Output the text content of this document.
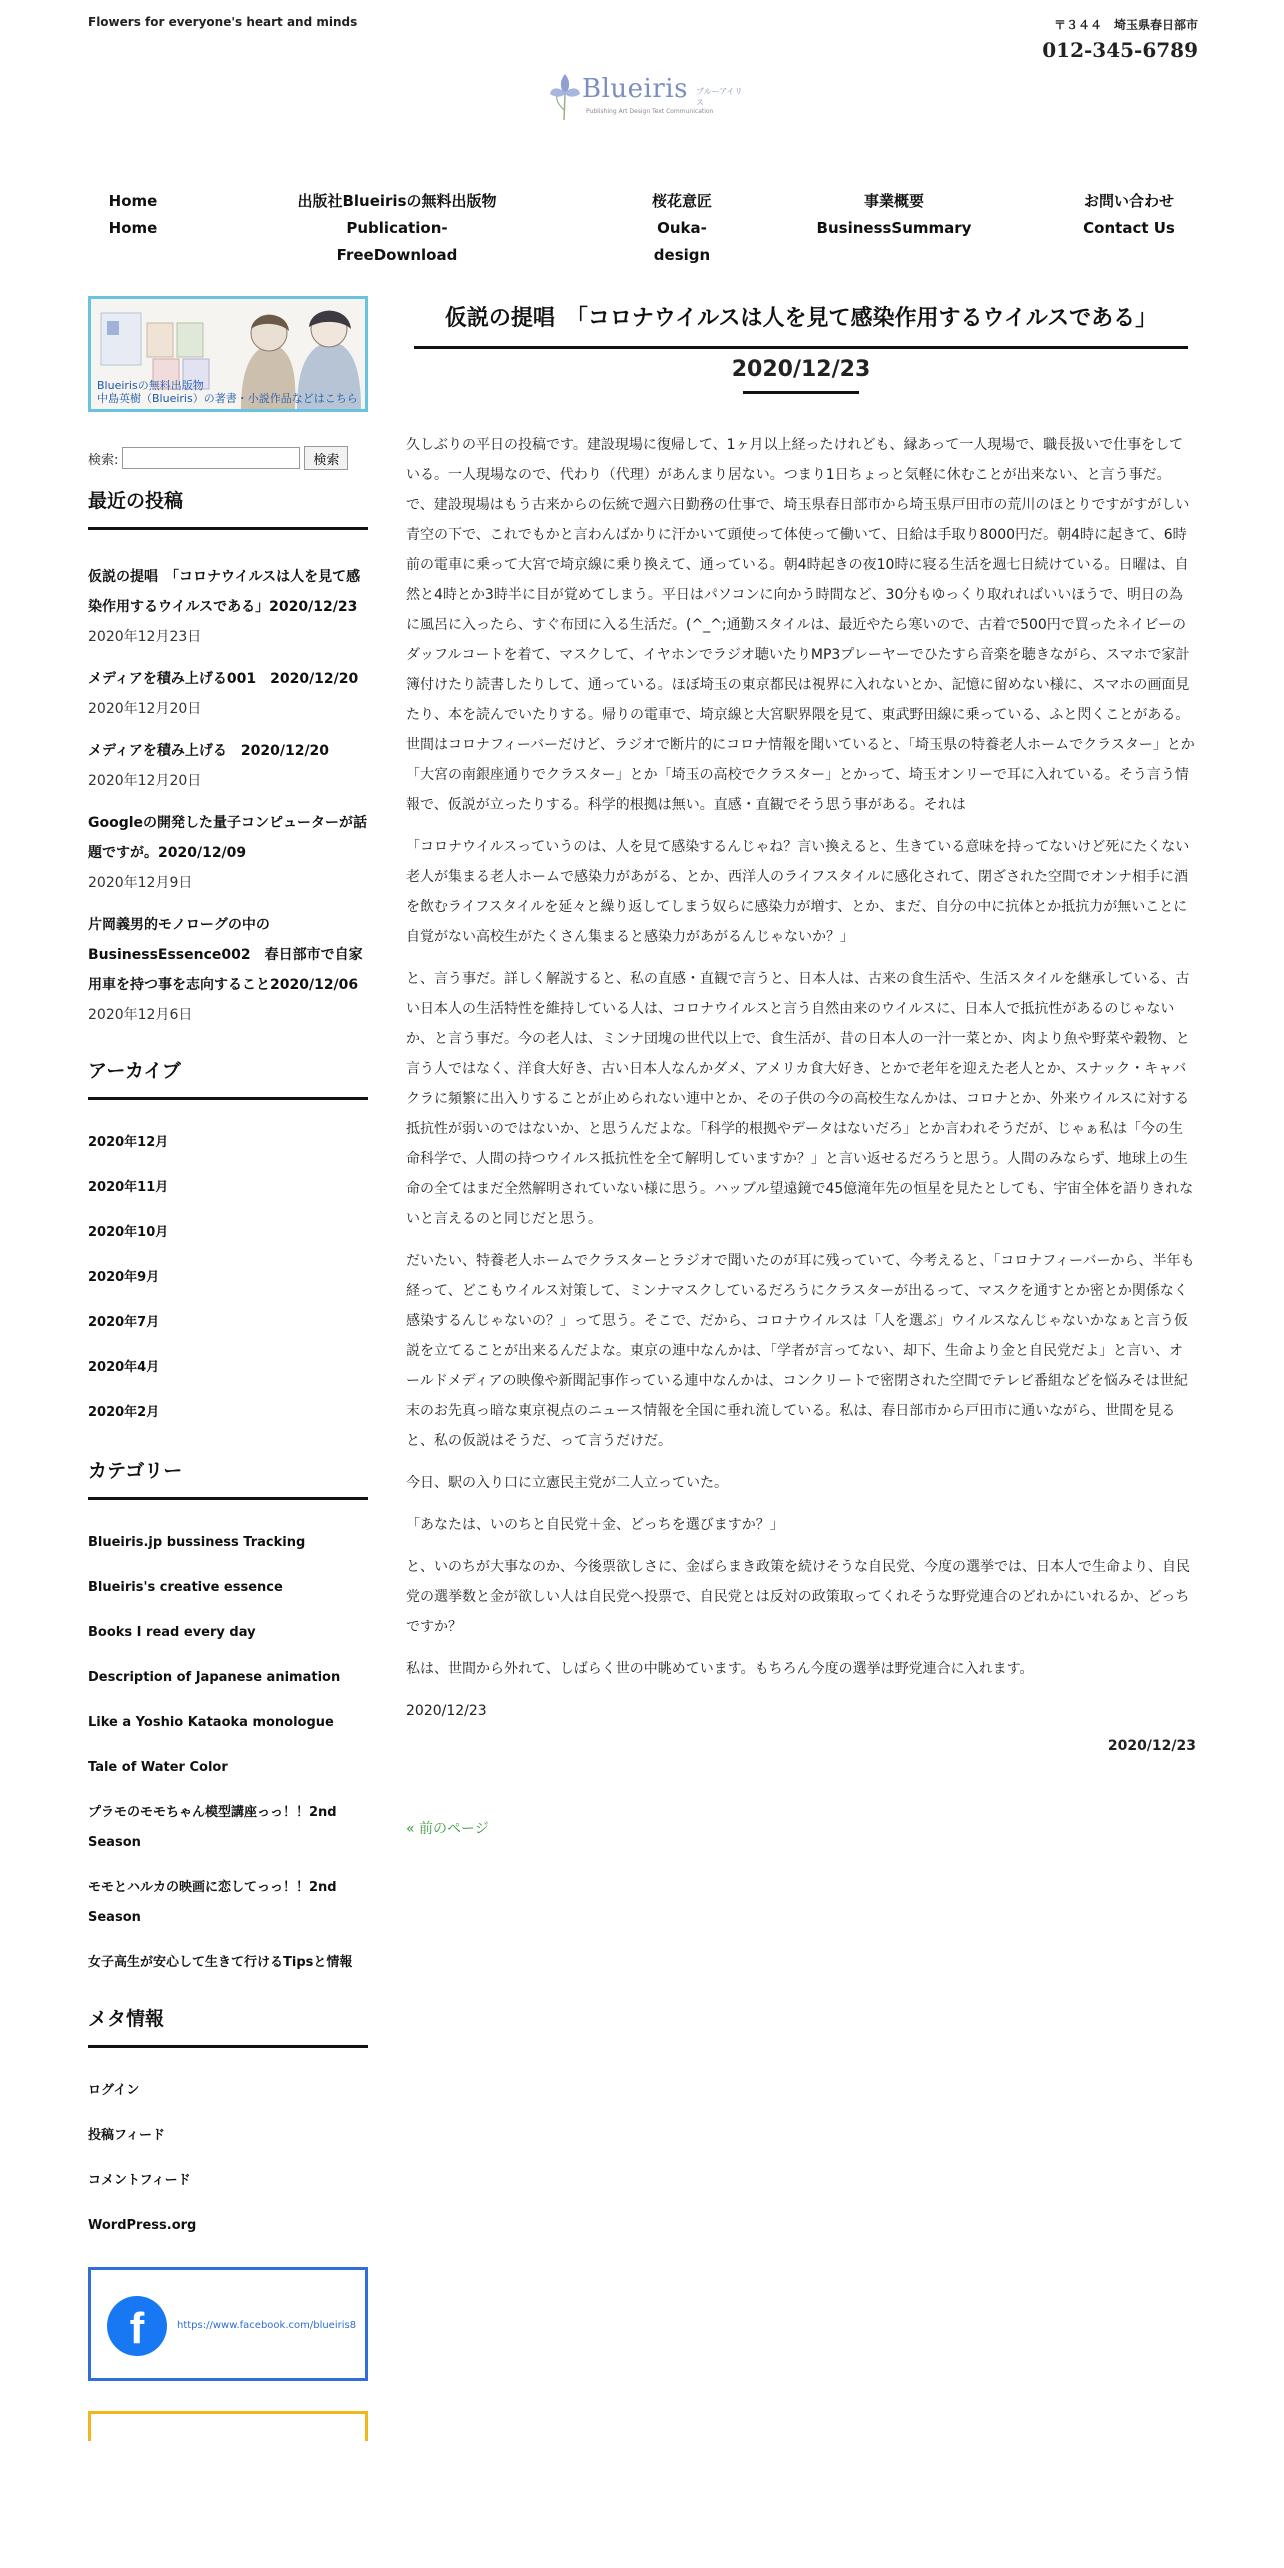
Flowers for everyone's heart and minds	〒３４４　埼玉県春日部市
012-345-6789
Blueiris ブルーアイリス
Publishing Art Design Text Communication
Home
Home
出版社Blueirisの無料出版物
Publication-FreeDownload
桜花意匠
Ouka-design
事業概要
BusinessSummary
お問い合わせ
Contact Us
Blueirisの無料出版物
中島英樹（Blueiris）の著書・小説作品などはこちら
検索:	検索
最近の投稿
仮説の提唱　「コロナウイルスは人を見て感染作用するウイルスである」2020/12/23
2020年12月23日
メディアを積み上げる001　2020/12/20
2020年12月20日
メディアを積み上げる　2020/12/20
2020年12月20日
Googleの開発した量子コンピューターが話題ですが。2020/12/09
2020年12月9日
片岡義男的モノローグの中のBusinessEssence002　春日部市で自家用車を持つ事を志向すること2020/12/06
2020年12月6日
アーカイブ
2020年12月
2020年11月
2020年10月
2020年9月
2020年7月
2020年4月
2020年2月
カテゴリー
Blueiris.jp bussiness Tracking
Blueiris's creative essence
Books I read every day
Description of Japanese animation
Like a Yoshio Kataoka monologue
Tale of Water Color
プラモのモモちゃん模型講座っっ！！2nd　Season
モモとハルカの映画に恋してっっ！！2nd Season
女子高生が安心して生きて行けるTipsと情報
メタ情報
ログイン
投稿フィード
コメントフィード
WordPress.org
f	https://www.facebook.com/blueiris8
仮説の提唱　「コロナウイルスは人を見て感染作用するウイルスである」
2020/12/23

久しぶりの平日の投稿です。建設現場に復帰して、1ヶ月以上経ったけれども、縁あって一人現場で、職長扱いで仕事をしている。一人現場なので、代わり（代理）があんまり居ない。つまり1日ちょっと気軽に休むことが出来ない、と言う事だ。で、建設現場はもう古来からの伝統で週六日勤務の仕事で、埼玉県春日部市から埼玉県戸田市の荒川のほとりですがすがしい青空の下で、これでもかと言わんばかりに汗かいて頭使って体使って働いて、日給は手取り8000円だ。朝4時に起きて、6時前の電車に乗って大宮で埼京線に乗り換えて、通っている。朝4時起きの夜10時に寝る生活を週七日続けている。日曜は、自然と4時とか3時半に目が覚めてしまう。平日はパソコンに向かう時間など、30分もゆっくり取れればいいほうで、明日の為に風呂に入ったら、すぐ布団に入る生活だ。(^_^;通勤スタイルは、最近やたら寒いので、古着で500円で買ったネイビーのダッフルコートを着て、マスクして、イヤホンでラジオ聴いたりMP3プレーヤーでひたすら音楽を聴きながら、スマホで家計簿付けたり読書したりして、通っている。ほぼ埼玉の東京都民は視界に入れないとか、記憶に留めない様に、スマホの画面見たり、本を読んでいたりする。帰りの電車で、埼京線と大宮駅界隈を見て、東武野田線に乗っている、ふと閃くことがある。世間はコロナフィーバーだけど、ラジオで断片的にコロナ情報を聞いていると、「埼玉県の特養老人ホームでクラスター」とか「大宮の南銀座通りでクラスター」とか「埼玉の高校でクラスター」とかって、埼玉オンリーで耳に入れている。そう言う情報で、仮説が立ったりする。科学的根拠は無い。直感・直観でそう思う事がある。それは

「コロナウイルスっていうのは、人を見て感染するんじゃね？言い換えると、生きている意味を持ってないけど死にたくない老人が集まる老人ホームで感染力があがる、とか、西洋人のライフスタイルに感化されて、閉ざされた空間でオンナ相手に酒を飲むライフスタイルを延々と繰り返してしまう奴らに感染力が増す、とか、まだ、自分の中に抗体とか抵抗力が無いことに自覚がない高校生がたくさん集まると感染力があがるんじゃないか？」

と、言う事だ。詳しく解説すると、私の直感・直観で言うと、日本人は、古来の食生活や、生活スタイルを継承している、古い日本人の生活特性を維持している人は、コロナウイルスと言う自然由来のウイルスに、日本人で抵抗性があるのじゃないか、と言う事だ。今の老人は、ミンナ団塊の世代以上で、食生活が、昔の日本人の一汁一菜とか、肉より魚や野菜や穀物、と言う人ではなく、洋食大好き、古い日本人なんかダメ、アメリカ食大好き、とかで老年を迎えた老人とか、スナック・キャバクラに頻繁に出入りすることが止められない連中とか、その子供の今の高校生なんかは、コロナとか、外来ウイルスに対する抵抗性が弱いのではないか、と思うんだよな。「科学的根拠やデータはないだろ」とか言われそうだが、じゃぁ私は「今の生命科学で、人間の持つウイルス抵抗性を全て解明していますか？」と言い返せるだろうと思う。人間のみならず、地球上の生命の全てはまだ全然解明されていない様に思う。ハッブル望遠鏡で45億滝年先の恒星を見たとしても、宇宙全体を語りきれないと言えるのと同じだと思う。

だいたい、特養老人ホームでクラスターとラジオで聞いたのが耳に残っていて、今考えると、「コロナフィーバーから、半年も経って、どこもウイルス対策して、ミンナマスクしているだろうにクラスターが出るって、マスクを通すとか密とか関係なく感染するんじゃないの？」って思う。そこで、だから、コロナウイルスは「人を選ぶ」ウイルスなんじゃないかなぁと言う仮説を立てることが出来るんだよな。東京の連中なんかは、「学者が言ってない、却下、生命より金と自民党だよ」と言い、オールドメディアの映像や新聞記事作っている連中なんかは、コンクリートで密閉された空間でテレビ番組などを悩みそは世紀末のお先真っ暗な東京視点のニュース情報を全国に垂れ流している。私は、春日部市から戸田市に通いながら、世間を見ると、私の仮説はそうだ、って言うだけだ。

今日、駅の入り口に立憲民主党が二人立っていた。

「あなたは、いのちと自民党＋金、どっちを選びますか？」

と、いのちが大事なのか、今後票欲しさに、金ばらまき政策を続けそうな自民党、今度の選挙では、日本人で生命より、自民党の選挙数と金が欲しい人は自民党へ投票で、自民党とは反対の政策取ってくれそうな野党連合のどれかにいれるか、どっちですか？

私は、世間から外れて、しばらく世の中眺めています。もちろん今度の選挙は野党連合に入れます。

2020/12/23

2020/12/23
« 前のページ
